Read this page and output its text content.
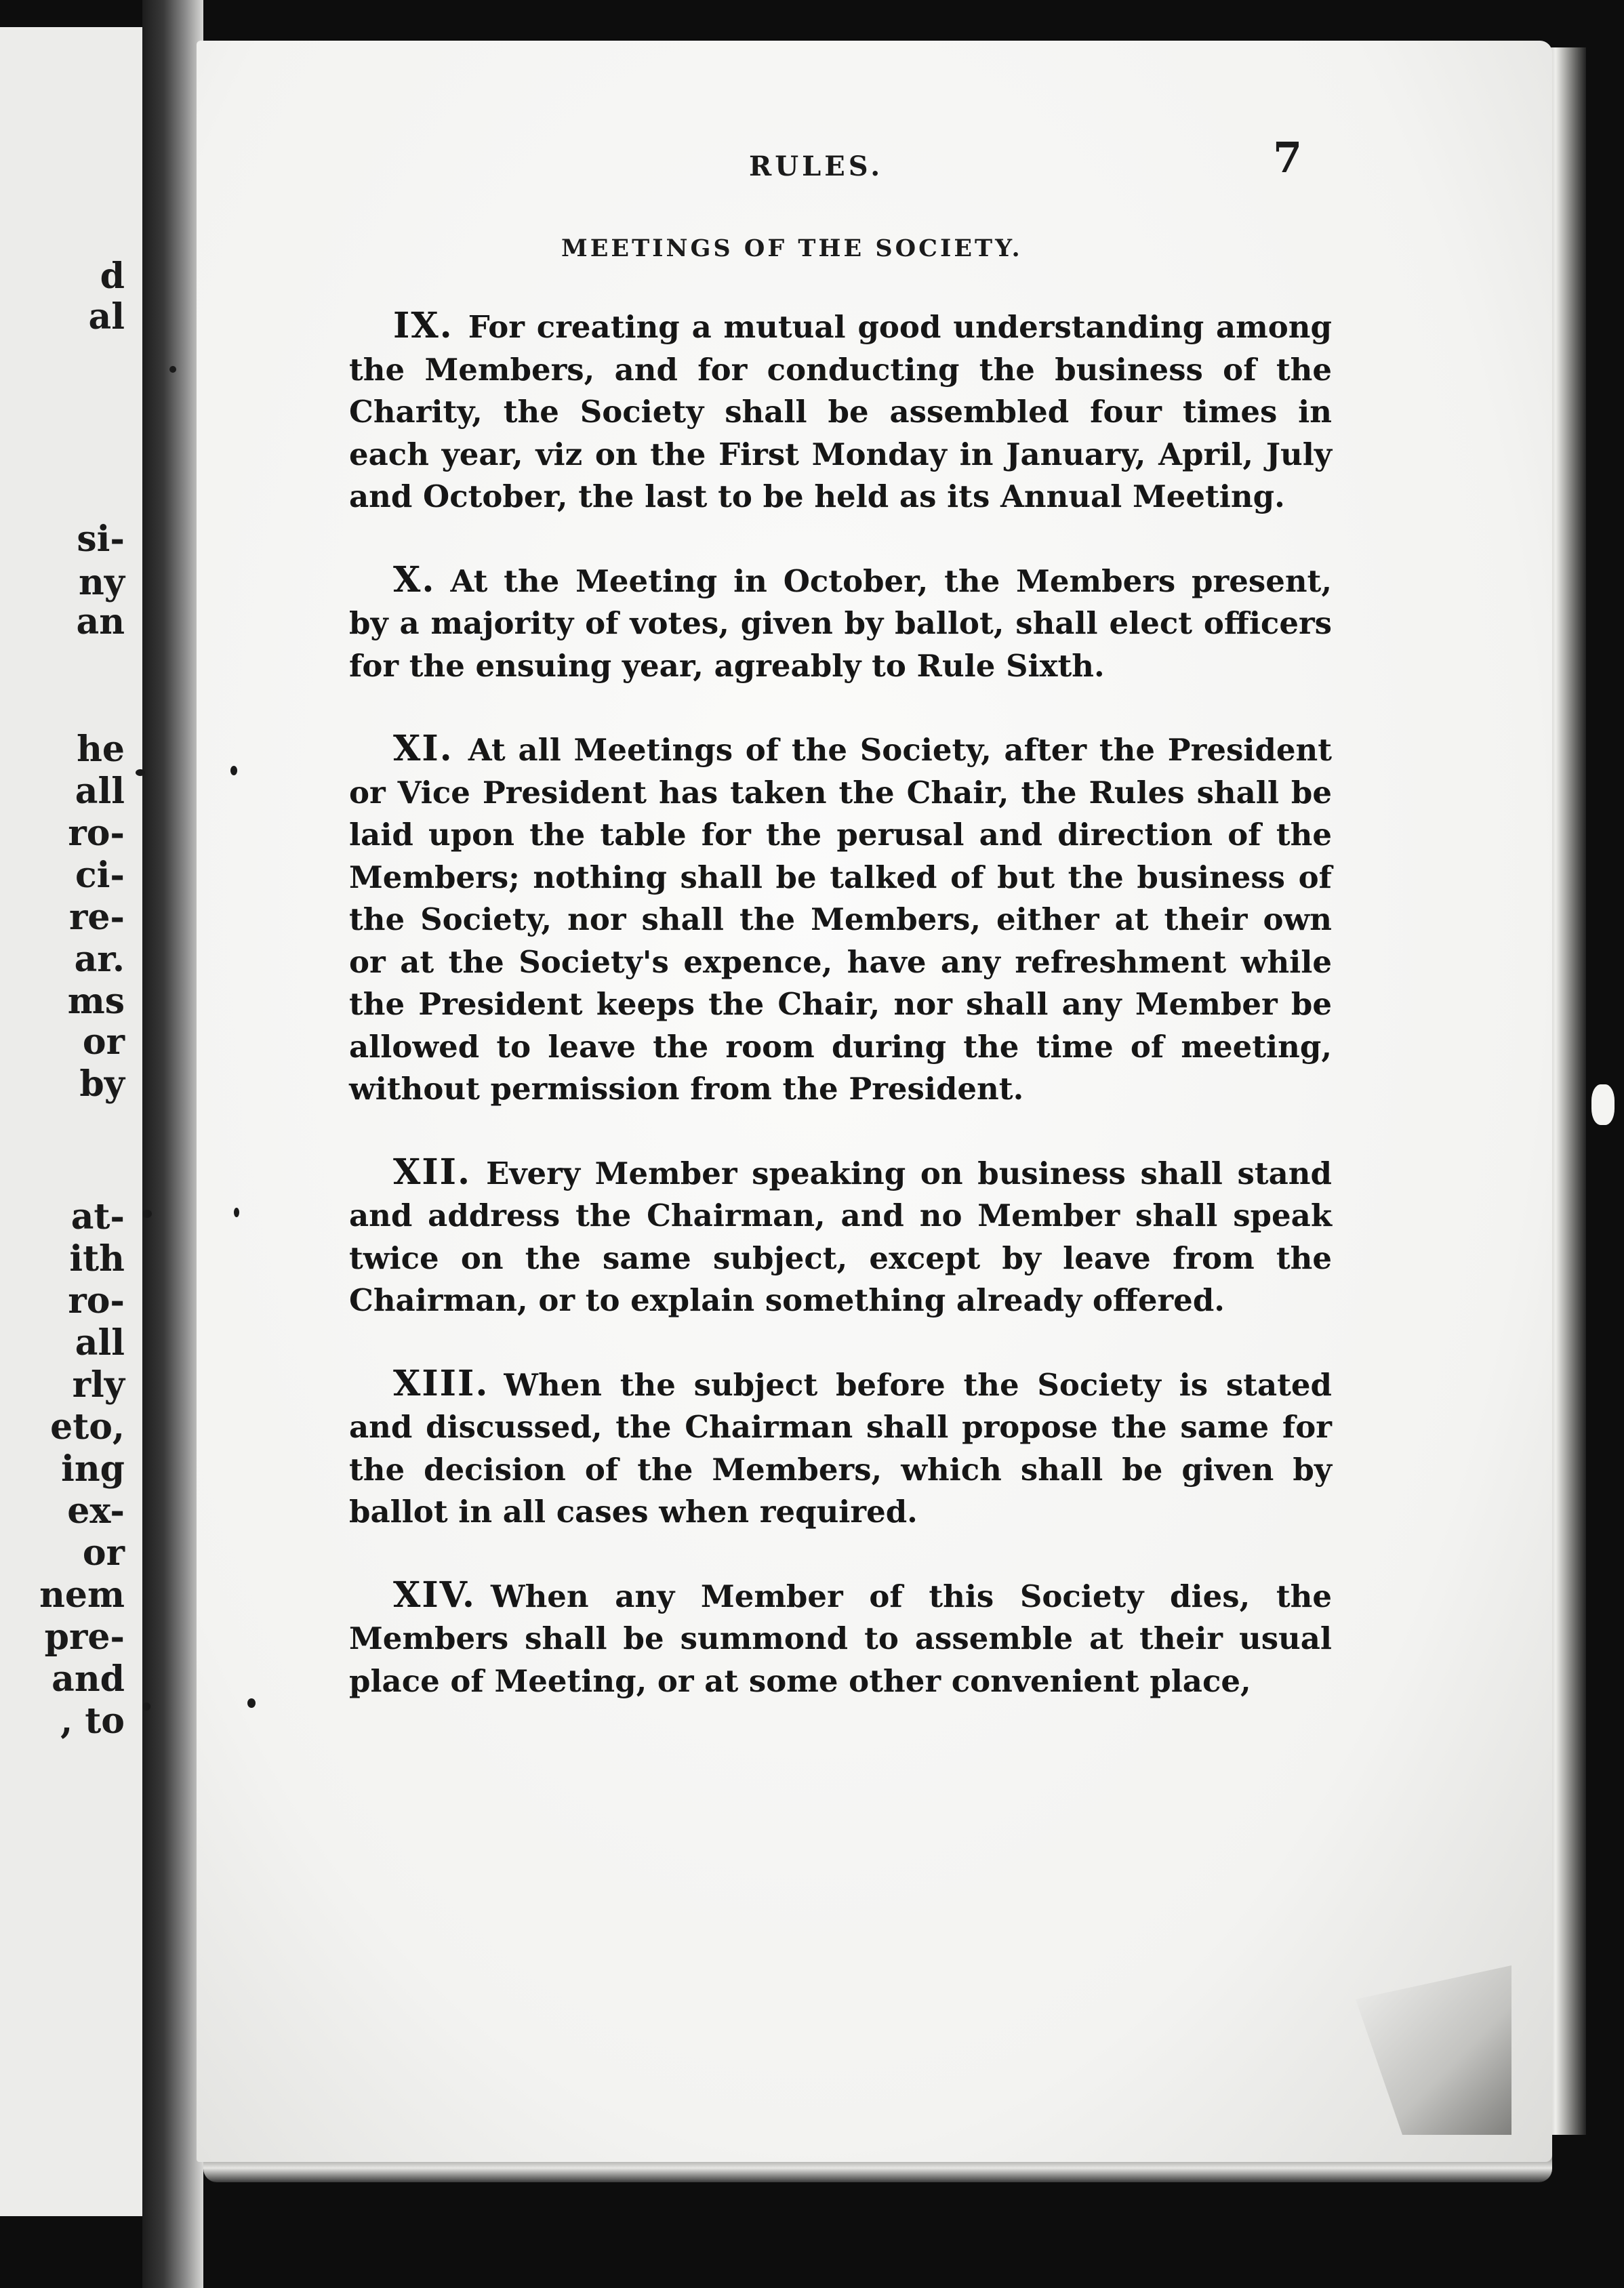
d
al
si-
ny
an
he
all
ro-
ci-
re-
ar.
ms
or
by
at-
ith
ro-
all
rly
eto,
ing
ex-
or
nem
pre-
and
, to
RULES.	7
MEETINGS OF THE SOCIETY.

IX. For creating a mutual good understanding among the Members, and for conducting the business of the Charity, the Society shall be assembled four times in each year, viz on the First Monday in January, April, July and October, the last to be held as its Annual Meeting.

X. At the Meeting in October, the Members present, by a majority of votes, given by ballot, shall elect officers for the ensuing year, agreably to Rule Sixth.

XI. At all Meetings of the Society, after the President or Vice President has taken the Chair, the Rules shall be laid upon the table for the perusal and direction of the Members; nothing shall be talked of but the business of the Society, nor shall the Members, either at their own or at the Society's expence, have any refreshment while the President keeps the Chair, nor shall any Member be allowed to leave the room during the time of meeting, without permission from the President.

XII. Every Member speaking on business shall stand and address the Chairman, and no Member shall speak twice on the same subject, except by leave from the Chairman, or to explain something already offered.

XIII. When the subject before the Society is stated and discussed, the Chairman shall propose the same for the decision of the Members, which shall be given by ballot in all cases when required.

XIV. When any Member of this Society dies, the Members shall be summond to assemble at their usual place of Meeting, or at some other convenient place,
